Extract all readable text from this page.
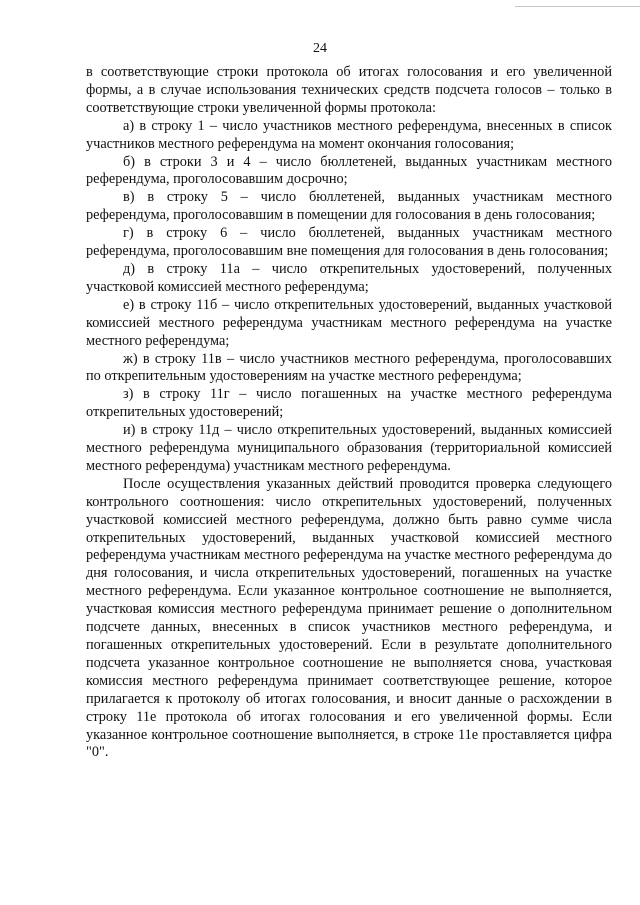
24

в соответствующие строки протокола об итогах голосования и его увеличенной формы, а в случае использования технических средств подсчета голосов – только в соответствующие строки увеличенной формы протокола:

а) в строку 1 – число участников местного референдума, внесенных в список участников местного референдума на момент окончания голосования;

б) в строки 3 и 4 – число бюллетеней, выданных участникам местного референдума, проголосовавшим досрочно;

в) в строку 5 – число бюллетеней, выданных участникам местного референдума, проголосовавшим в помещении для голосования в день голосования;

г) в строку 6 – число бюллетеней, выданных участникам местного референдума, проголосовавшим вне помещения для голосования в день голосования;

д) в строку 11а – число открепительных удостоверений, полученных участковой комиссией местного референдума;

е) в строку 11б – число открепительных удостоверений, выданных участковой комиссией местного референдума участникам местного референдума на участке местного референдума;

ж) в строку 11в – число участников местного референдума, проголосовавших по открепительным удостоверениям на участке местного референдума;

з) в строку 11г – число погашенных на участке местного референдума открепительных удостоверений;

и) в строку 11д – число открепительных удостоверений, выданных комиссией местного референдума муниципального образования (территориальной комиссией местного референдума) участникам местного референдума.

После осуществления указанных действий проводится проверка следующего контрольного соотношения: число открепительных удостоверений, полученных участковой комиссией местного референдума, должно быть равно сумме числа открепительных удостоверений, выданных участковой комиссией местного референдума участникам местного референдума на участке местного референдума до дня голосования, и числа открепительных удостоверений, погашенных на участке местного референдума. Если указанное контрольное соотношение не выполняется, участковая комиссия местного референдума принимает решение о дополнительном подсчете данных, внесенных в список участников местного референдума, и погашенных открепительных удостоверений. Если в результате дополнительного подсчета указанное контрольное соотношение не выполняется снова, участковая комиссия местного референдума принимает соответствующее решение, которое прилагается к протоколу об итогах голосования, и вносит данные о расхождении в строку 11е протокола об итогах голосования и его увеличенной формы. Если указанное контрольное соотношение выполняется, в строке 11е проставляется цифра "0".
